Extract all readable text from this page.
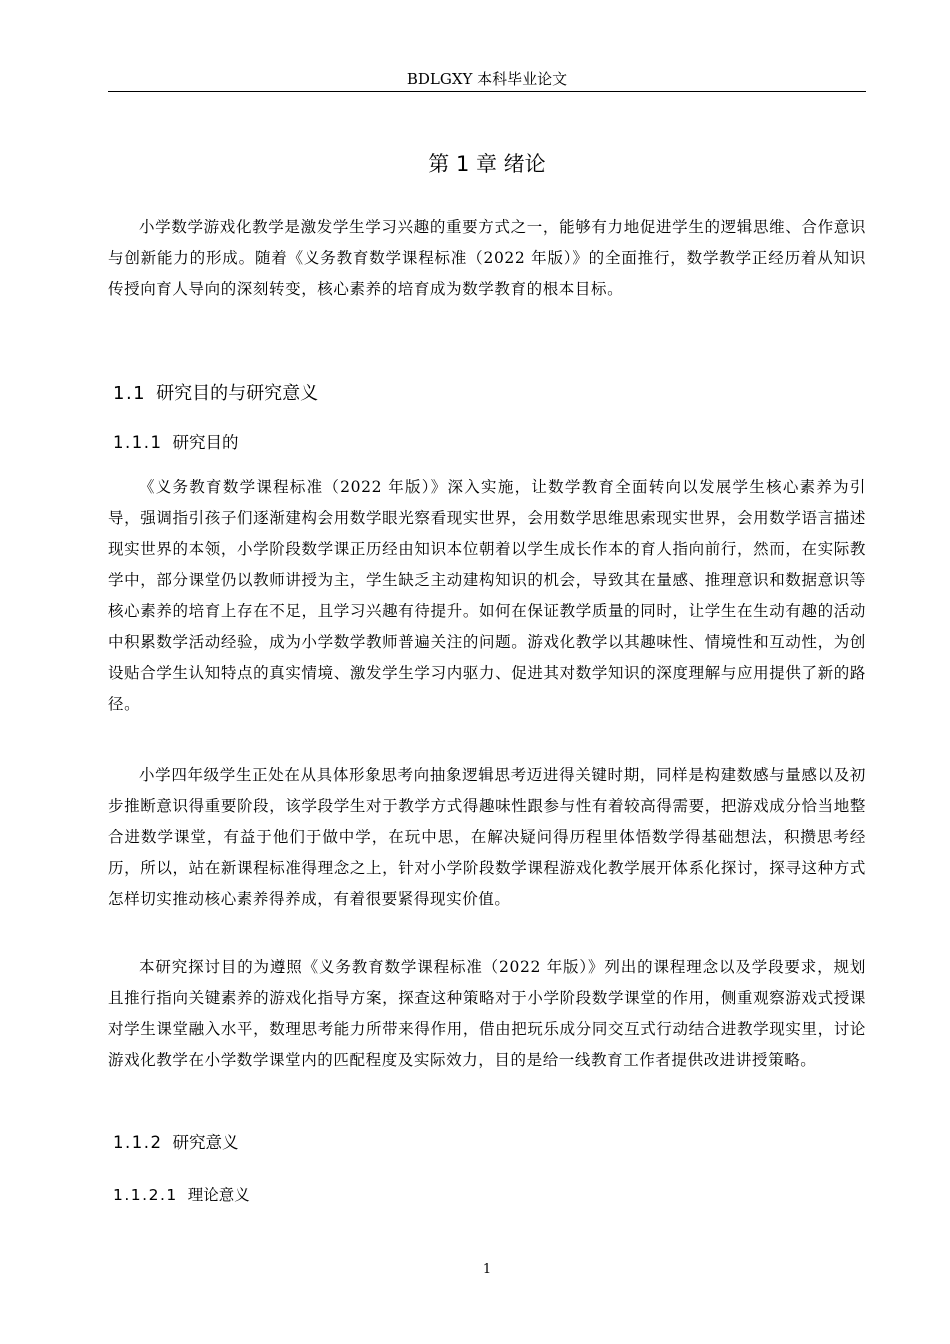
BDLGXY 本科毕业论文
第 1 章 绪论

小学数学游戏化教学是激发学生学习兴趣的重要方式之一，能够有力地促进学生的逻辑思维、合作意识与创新能力的形成。随着《义务教育数学课程标准（2022 年版）》的全面推行，数学教学正经历着从知识传授向育人导向的深刻转变，核心素养的培育成为数学教育的根本目标。

1.1 研究目的与研究意义
1.1.1 研究目的

《义务教育数学课程标准（2022 年版）》深入实施，让数学教育全面转向以发展学生核心素养为引导，强调指引孩子们逐渐建构会用数学眼光察看现实世界，会用数学思维思索现实世界，会用数学语言描述现实世界的本领，小学阶段数学课正历经由知识本位朝着以学生成长作本的育人指向前行，然而，在实际教学中，部分课堂仍以教师讲授为主，学生缺乏主动建构知识的机会，导致其在量感、推理意识和数据意识等核心素养的培育上存在不足，且学习兴趣有待提升。如何在保证教学质量的同时，让学生在生动有趣的活动中积累数学活动经验，成为小学数学教师普遍关注的问题。游戏化教学以其趣味性、情境性和互动性，为创设贴合学生认知特点的真实情境、激发学生学习内驱力、促进其对数学知识的深度理解与应用提供了新的路径。

小学四年级学生正处在从具体形象思考向抽象逻辑思考迈进得关键时期，同样是构建数感与量感以及初步推断意识得重要阶段，该学段学生对于教学方式得趣味性跟参与性有着较高得需要，把游戏成分恰当地整合进数学课堂，有益于他们于做中学，在玩中思，在解决疑问得历程里体悟数学得基础想法，积攒思考经历，所以，站在新课程标准得理念之上，针对小学阶段数学课程游戏化教学展开体系化探讨，探寻这种方式怎样切实推动核心素养得养成，有着很要紧得现实价值。

本研究探讨目的为遵照《义务教育数学课程标准（2022 年版）》列出的课程理念以及学段要求，规划且推行指向关键素养的游戏化指导方案，探查这种策略对于小学阶段数学课堂的作用，侧重观察游戏式授课对学生课堂融入水平，数理思考能力所带来得作用，借由把玩乐成分同交互式行动结合进教学现实里，讨论游戏化教学在小学数学课堂内的匹配程度及实际效力，目的是给一线教育工作者提供改进讲授策略。

1.1.2 研究意义
1.1.2.1 理论意义
1
